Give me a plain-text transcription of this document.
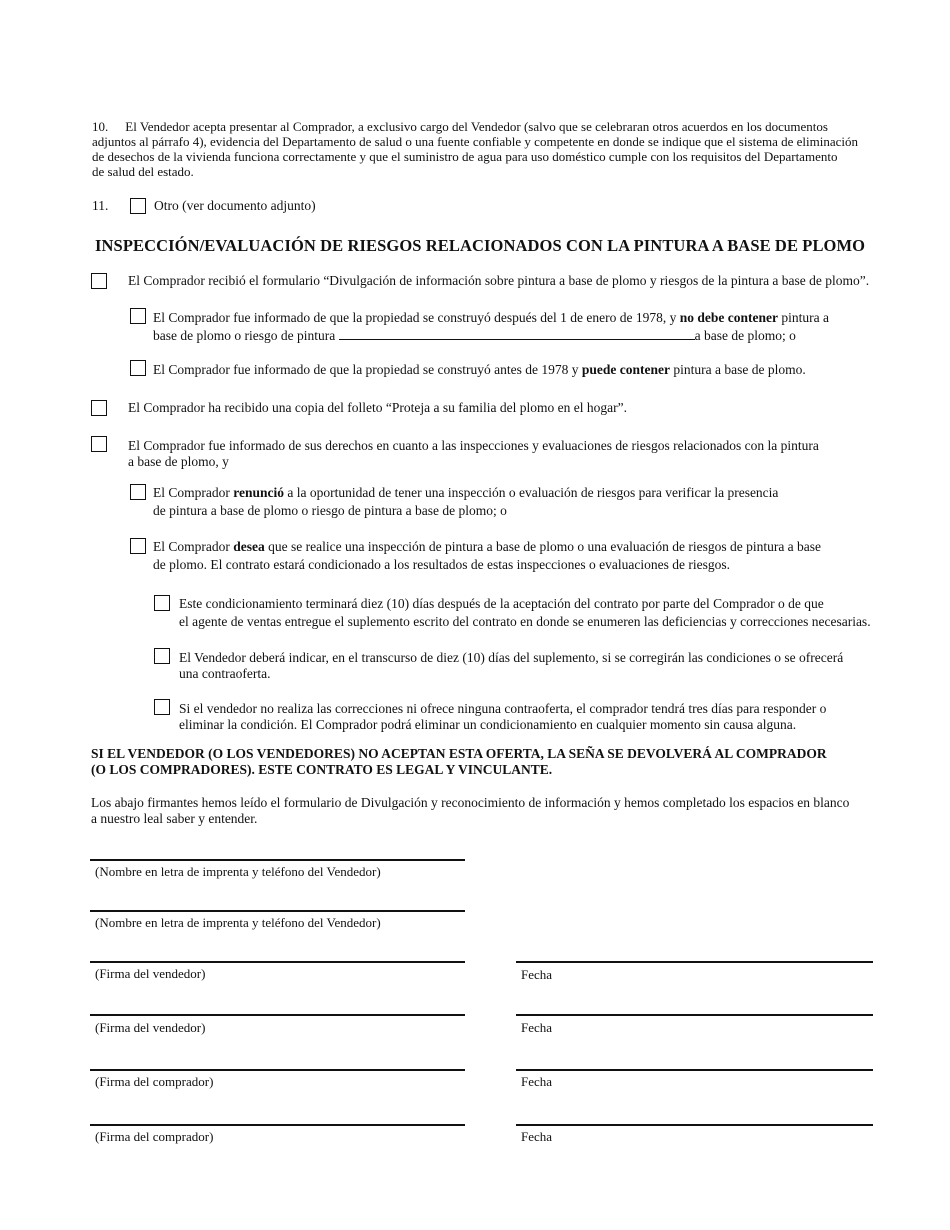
10. El Vendedor acepta presentar al Comprador, a exclusivo cargo del Vendedor (salvo que se celebraran otros acuerdos en los documentos
adjuntos al párrafo 4), evidencia del Departamento de salud o una fuente confiable y competente en donde se indique que el sistema de eliminación
de desechos de la vivienda funciona correctamente y que el suministro de agua para uso doméstico cumple con los requisitos del Departamento
de salud del estado.
11.	Otro (ver documento adjunto)
INSPECCIÓN/EVALUACIÓN DE RIESGOS RELACIONADOS CON LA PINTURA A BASE DE PLOMO
El Comprador recibió el formulario “Divulgación de información sobre pintura a base de plomo y riesgos de la pintura a base de plomo”.
El Comprador fue informado de que la propiedad se construyó después del 1 de enero de 1978, y no debe contener pintura a
base de plomo o riesgo de pintura	a base de plomo; o
El Comprador fue informado de que la propiedad se construyó antes de 1978 y puede contener pintura a base de plomo.
El Comprador ha recibido una copia del folleto “Proteja a su familia del plomo en el hogar”.
El Comprador fue informado de sus derechos en cuanto a las inspecciones y evaluaciones de riesgos relacionados con la pintura
a base de plomo, y
El Comprador renunció a la oportunidad de tener una inspección o evaluación de riesgos para verificar la presencia
de pintura a base de plomo o riesgo de pintura a base de plomo; o
El Comprador desea que se realice una inspección de pintura a base de plomo o una evaluación de riesgos de pintura a base
de plomo. El contrato estará condicionado a los resultados de estas inspecciones o evaluaciones de riesgos.
Este condicionamiento terminará diez (10) días después de la aceptación del contrato por parte del Comprador o de que
el agente de ventas entregue el suplemento escrito del contrato en donde se enumeren las deficiencias y correcciones necesarias.
El Vendedor deberá indicar, en el transcurso de diez (10) días del suplemento, si se corregirán las condiciones o se ofrecerá
una contraoferta.
Si el vendedor no realiza las correcciones ni ofrece ninguna contraoferta, el comprador tendrá tres días para responder o
eliminar la condición. El Comprador podrá eliminar un condicionamiento en cualquier momento sin causa alguna.
SI EL VENDEDOR (O LOS VENDEDORES) NO ACEPTAN ESTA OFERTA, LA SEÑA SE DEVOLVERÁ AL COMPRADOR
(O LOS COMPRADORES). ESTE CONTRATO ES LEGAL Y VINCULANTE.
Los abajo firmantes hemos leído el formulario de Divulgación y reconocimiento de información y hemos completado los espacios en blanco
a nuestro leal saber y entender.
(Nombre en letra de imprenta y teléfono del Vendedor)
(Nombre en letra de imprenta y teléfono del Vendedor)
(Firma del vendedor)	Fecha
(Firma del vendedor)	Fecha
(Firma del comprador)	Fecha
(Firma del comprador)	Fecha
